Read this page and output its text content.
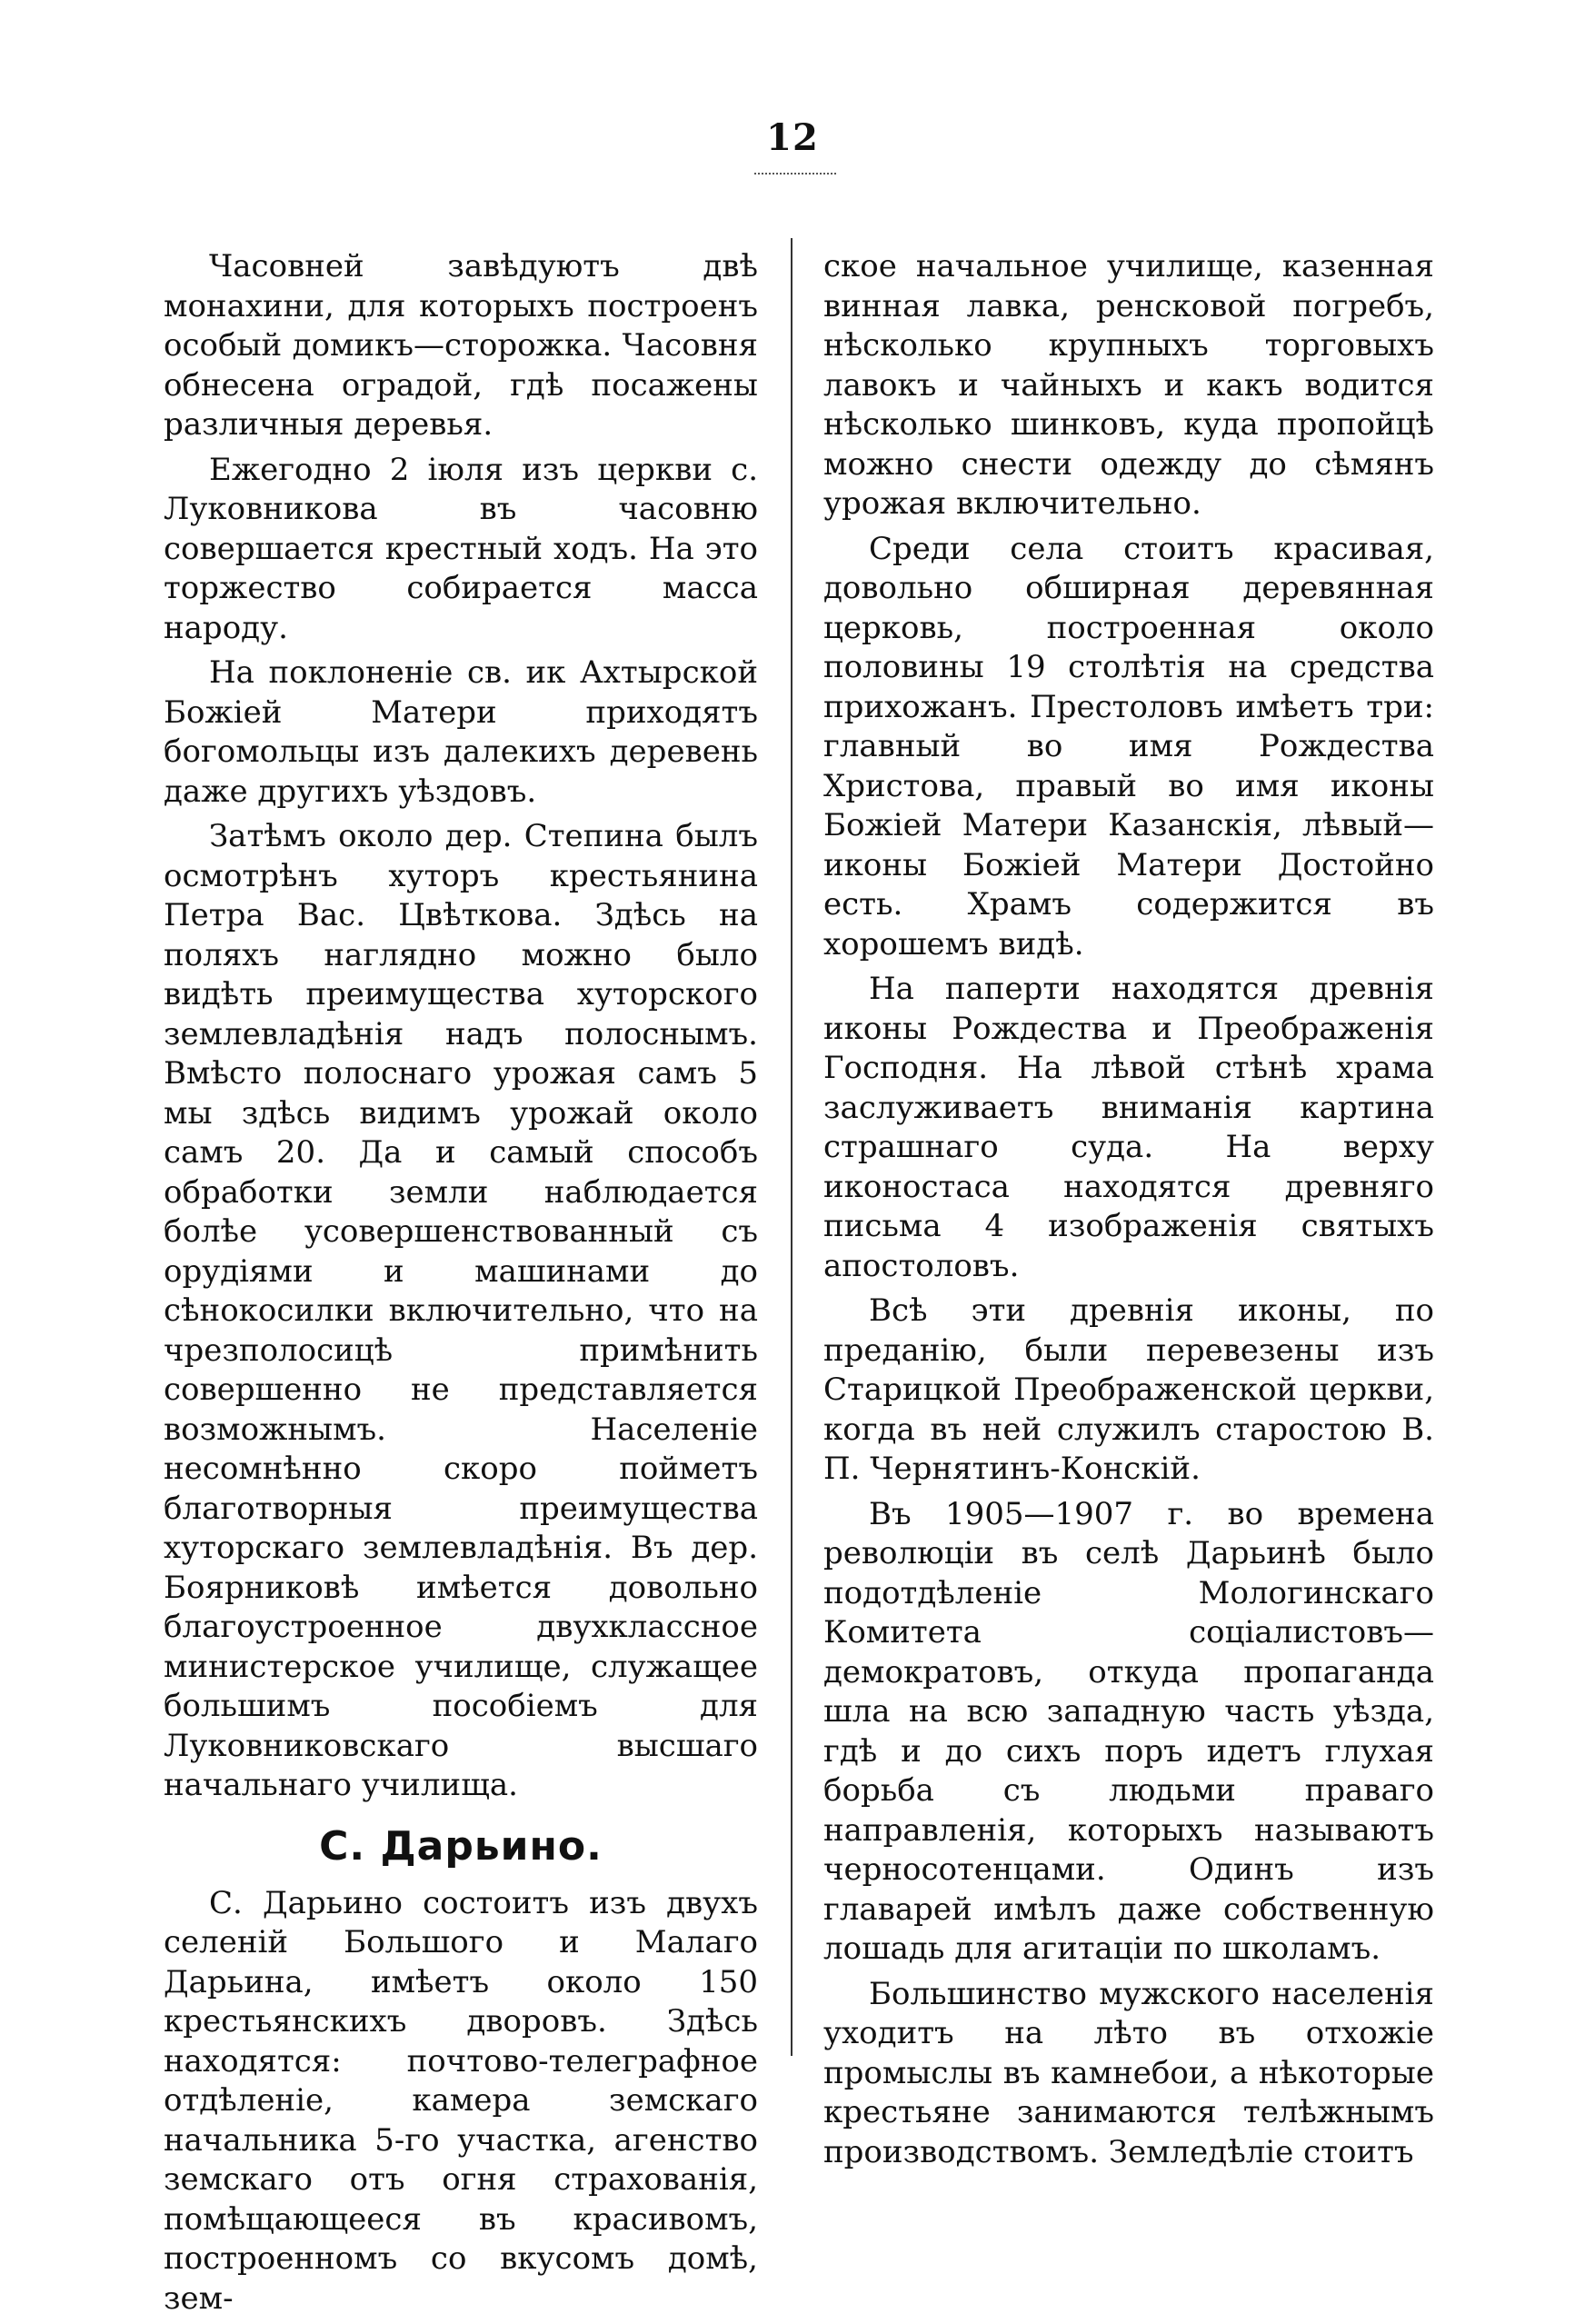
12

Часовней завѣдуютъ двѣ монахини, для которыхъ построенъ особый домикъ—сторожка. Часовня обнесена оградой, гдѣ посажены различныя деревья.

Ежегодно 2 іюля изъ церкви с. Луковникова въ часовню совершается крестный ходъ. На это торжество собирается масса народу.

На поклоненіе св. ик Ахтырской Божіей Матери приходятъ богомольцы изъ далекихъ деревень даже другихъ уѣздовъ.

Затѣмъ около дер. Степина былъ осмотрѣнъ хуторъ крестьянина Петра Вас. Цвѣткова. Здѣсь на поляхъ наглядно можно было видѣть преимущества хуторского землевладѣнія надъ полоснымъ. Вмѣсто полоснаго урожая самъ 5 мы здѣсь видимъ урожай около самъ 20. Да и самый способъ обработки земли наблюдается болѣе усовершенствованный съ орудіями и машинами до сѣнокосилки включительно, что на чрезполосицѣ примѣнить совершенно не представляется возможнымъ. Населеніе несомнѣнно скоро пойметъ благотворныя преимущества хуторскаго землевладѣнія. Въ дер. Боярниковѣ имѣется довольно благоустроенное двухклассное министерское училище, служащее большимъ пособіемъ для Луковниковскаго высшаго начальнаго училища.

С. Дарьино.

С. Дарьино состоитъ изъ двухъ селеній Большого и Малаго Дарьина, имѣетъ около 150 крестьянскихъ дворовъ. Здѣсь находятся: почтово-телеграфное отдѣленіе, камера земскаго начальника 5-го участка, агенство земскаго отъ огня страхованія, помѣщающееся въ красивомъ, построенномъ со вкусомъ домѣ, зем-

ское начальное училище, казенная винная лавка, ренсковой погребъ, нѣсколько крупныхъ торговыхъ лавокъ и чайныхъ и какъ водится нѣсколько шинковъ, куда пропойцѣ можно снести одежду до сѣмянъ урожая включительно.

Среди села стоитъ красивая, довольно обширная деревянная церковь, построенная около половины 19 столѣтія на средства прихожанъ. Престоловъ имѣетъ три: главный во имя Рождества Христова, правый во имя иконы Божіей Матери Казанскія, лѣвый—иконы Божіей Матери Достойно есть. Храмъ содержится въ хорошемъ видѣ.

На паперти находятся древнія иконы Рождества и Преображенія Господня. На лѣвой стѣнѣ храма заслуживаетъ вниманія картина страшнаго суда. На верху иконостаса находятся древняго письма 4 изображенія святыхъ апостоловъ.

Всѣ эти древнія иконы, по преданію, были перевезены изъ Старицкой Преображенской церкви, когда въ ней служилъ старостою В. П. Чернятинъ-Конскій.

Въ 1905—1907 г. во времена революціи въ селѣ Дарьинѣ было подотдѣленіе Мологинскаго Комитета соціалистовъ—демократовъ, откуда пропаганда шла на всю западную часть уѣзда, гдѣ и до сихъ поръ идетъ глухая борьба съ людьми праваго направленія, которыхъ называютъ черносотенцами. Одинъ изъ главарей имѣлъ даже собственную лошадь для агитаціи по школамъ.

Большинство мужского населенія уходитъ на лѣто въ отхожіе промыслы въ камнебои, а нѣкоторые крестьяне занимаются телѣжнымъ производствомъ. Земледѣліе стоитъ
